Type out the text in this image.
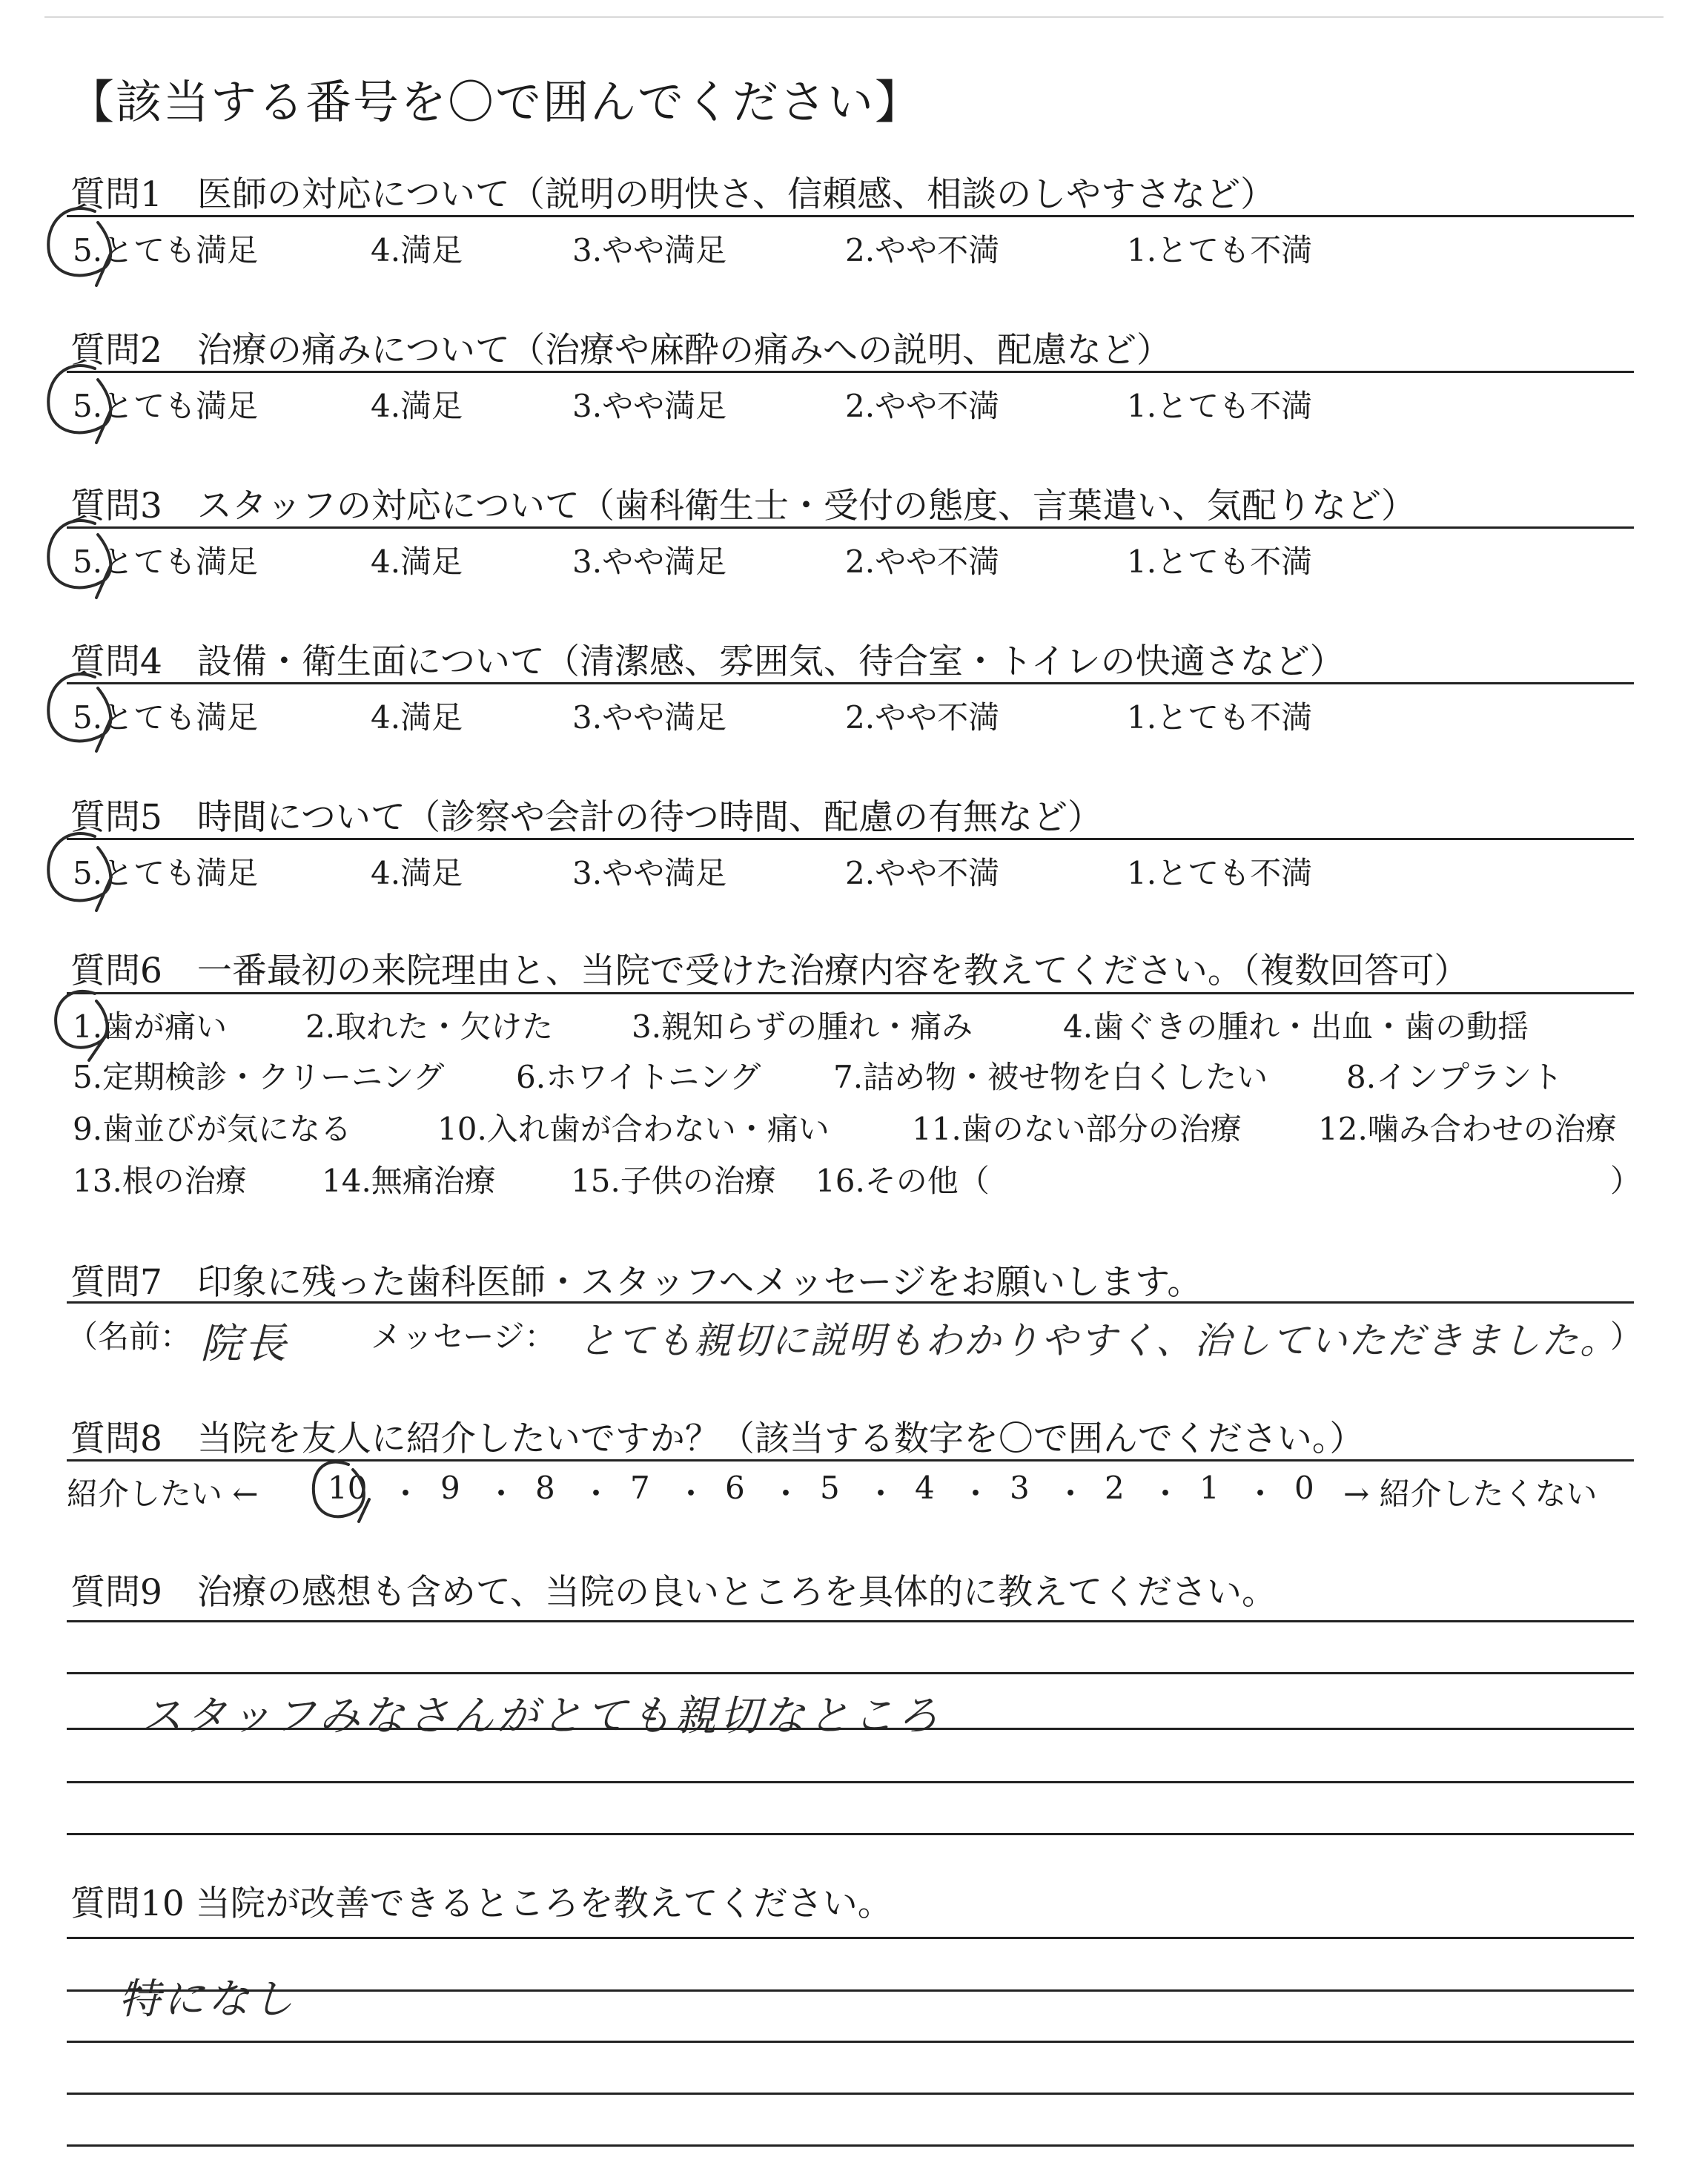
【該当する番号を〇で囲んでください】
質問1　医師の対応について（説明の明快さ、信頼感、相談のしやすさなど）
5.とても満足	4.満足	3.やや満足	2.やや不満	1.とても不満
質問2　治療の痛みについて（治療や麻酔の痛みへの説明、配慮など）
5.とても満足	4.満足	3.やや満足	2.やや不満	1.とても不満
質問3　スタッフの対応について（歯科衛生士・受付の態度、言葉遣い、気配りなど）
5.とても満足	4.満足	3.やや満足	2.やや不満	1.とても不満
質問4　設備・衛生面について（清潔感、雰囲気、待合室・トイレの快適さなど）
5.とても満足	4.満足	3.やや満足	2.やや不満	1.とても不満
質問5　時間について（診察や会計の待つ時間、配慮の有無など）
5.とても満足	4.満足	3.やや満足	2.やや不満	1.とても不満
質問6　一番最初の来院理由と、当院で受けた治療内容を教えてください。（複数回答可）
1.歯が痛い	2.取れた・欠けた	3.親知らずの腫れ・痛み	4.歯ぐきの腫れ・出血・歯の動揺
5.定期検診・クリーニング 6.ホワイトニング 7.詰め物・被せ物を白くしたい	8.インプラント
9.歯並びが気になる	10.入れ歯が合わない・痛い	11.歯のない部分の治療 12.噛み合わせの治療
13.根の治療 14.無痛治療 15.子供の治療 16.その他（	）
質問7　印象に残った歯科医師・スタッフへメッセージをお願いします。
（名前： 院長	メッセージ： とても親切に説明もわかりやすく、治していただきました。
）
質問8　当院を友人に紹介したいですか？（該当する数字を〇で囲んでください。）
紹介したい ← 10 ・ 9 ・ 8 ・ 7 ・ 6 ・ 5 ・ 4 ・ 3 ・ 2 ・ 1 ・ 0 → 紹介したくない
質問9　治療の感想も含めて、当院の良いところを具体的に教えてください。
スタッフみなさんがとても親切なところ
質問10 当院が改善できるところを教えてください。
特になし
